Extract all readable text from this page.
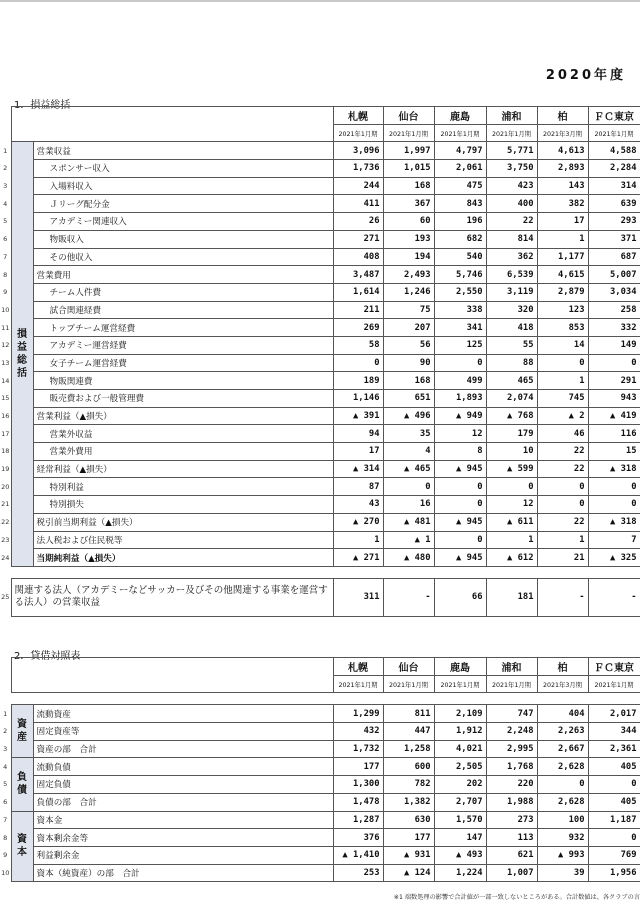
2020年度
1．損益総括
			札幌	仙台	鹿島	浦和	柏	ＦＣ東京
			2021年1月期	2021年1月期	2021年1月期	2021年1月期	2021年3月期	2021年1月期
1	損益総括	営業収益	3,096	1,997	4,797	5,771	4,613	4,588
2		スポンサー収入	1,736	1,015	2,061	3,750	2,893	2,284
3		入場料収入	244	168	475	423	143	314
4		Ｊリーグ配分金	411	367	843	400	382	639
5		アカデミー関連収入	26	60	196	22	17	293
6		物販収入	271	193	682	814	1	371
7		その他収入	408	194	540	362	1,177	687
8		営業費用	3,487	2,493	5,746	6,539	4,615	5,007
9		チーム人件費	1,614	1,246	2,550	3,119	2,879	3,034
10		試合関連経費	211	75	338	320	123	258
11		トップチーム運営経費	269	207	341	418	853	332
12		アカデミー運営経費	58	56	125	55	14	149
13		女子チーム運営経費	0	90	0	88	0	0
14		物販関連費	189	168	499	465	1	291
15		販売費および一般管理費	1,146	651	1,893	2,074	745	943
16		営業利益（▲損失）	▲ 391	▲ 496	▲ 949	▲ 768	▲ 2	▲ 419
17		営業外収益	94	35	12	179	46	116
18		営業外費用	17	4	8	10	22	15
19		経常利益（▲損失）	▲ 314	▲ 465	▲ 945	▲ 599	22	▲ 318
20		特別利益	87	0	0	0	0	0
21		特別損失	43	16	0	12	0	0
22		税引前当期利益（▲損失）	▲ 270	▲ 481	▲ 945	▲ 611	22	▲ 318
23		法人税および住民税等	1	▲ 1	0	1	1	7
24		当期純利益（▲損失）	▲ 271	▲ 480	▲ 945	▲ 612	21	▲ 325

25	関連する法人（アカデミーなどサッカー及びその他関連する事業を運営する法人）の営業収益		311	-	66	181	-	-
2．貸借対照表
			札幌	仙台	鹿島	浦和	柏	ＦＣ東京
			2021年1月期	2021年1月期	2021年1月期	2021年1月期	2021年3月期	2021年1月期

1	資産	流動資産	1,299	811	2,109	747	404	2,017
2		固定資産等	432	447	1,912	2,248	2,263	344
3		資産の部　合計	1,732	1,258	4,021	2,995	2,667	2,361
4	負債	流動負債	177	600	2,505	1,768	2,628	405
5		固定負債	1,300	782	202	220	0	0
6		負債の部　合計	1,478	1,382	2,707	1,988	2,628	405
7	資本	資本金	1,287	630	1,570	273	100	1,187
8		資本剰余金等	376	177	147	113	932	0
9		利益剰余金	▲ 1,410	▲ 931	▲ 493	621	▲ 993	769
10		資本（純資産）の部　合計	253	▲ 124	1,224	1,007	39	1,956
※1 端数処理の影響で合計値が一部一致しないところがある。合計数値は、各クラブの言
